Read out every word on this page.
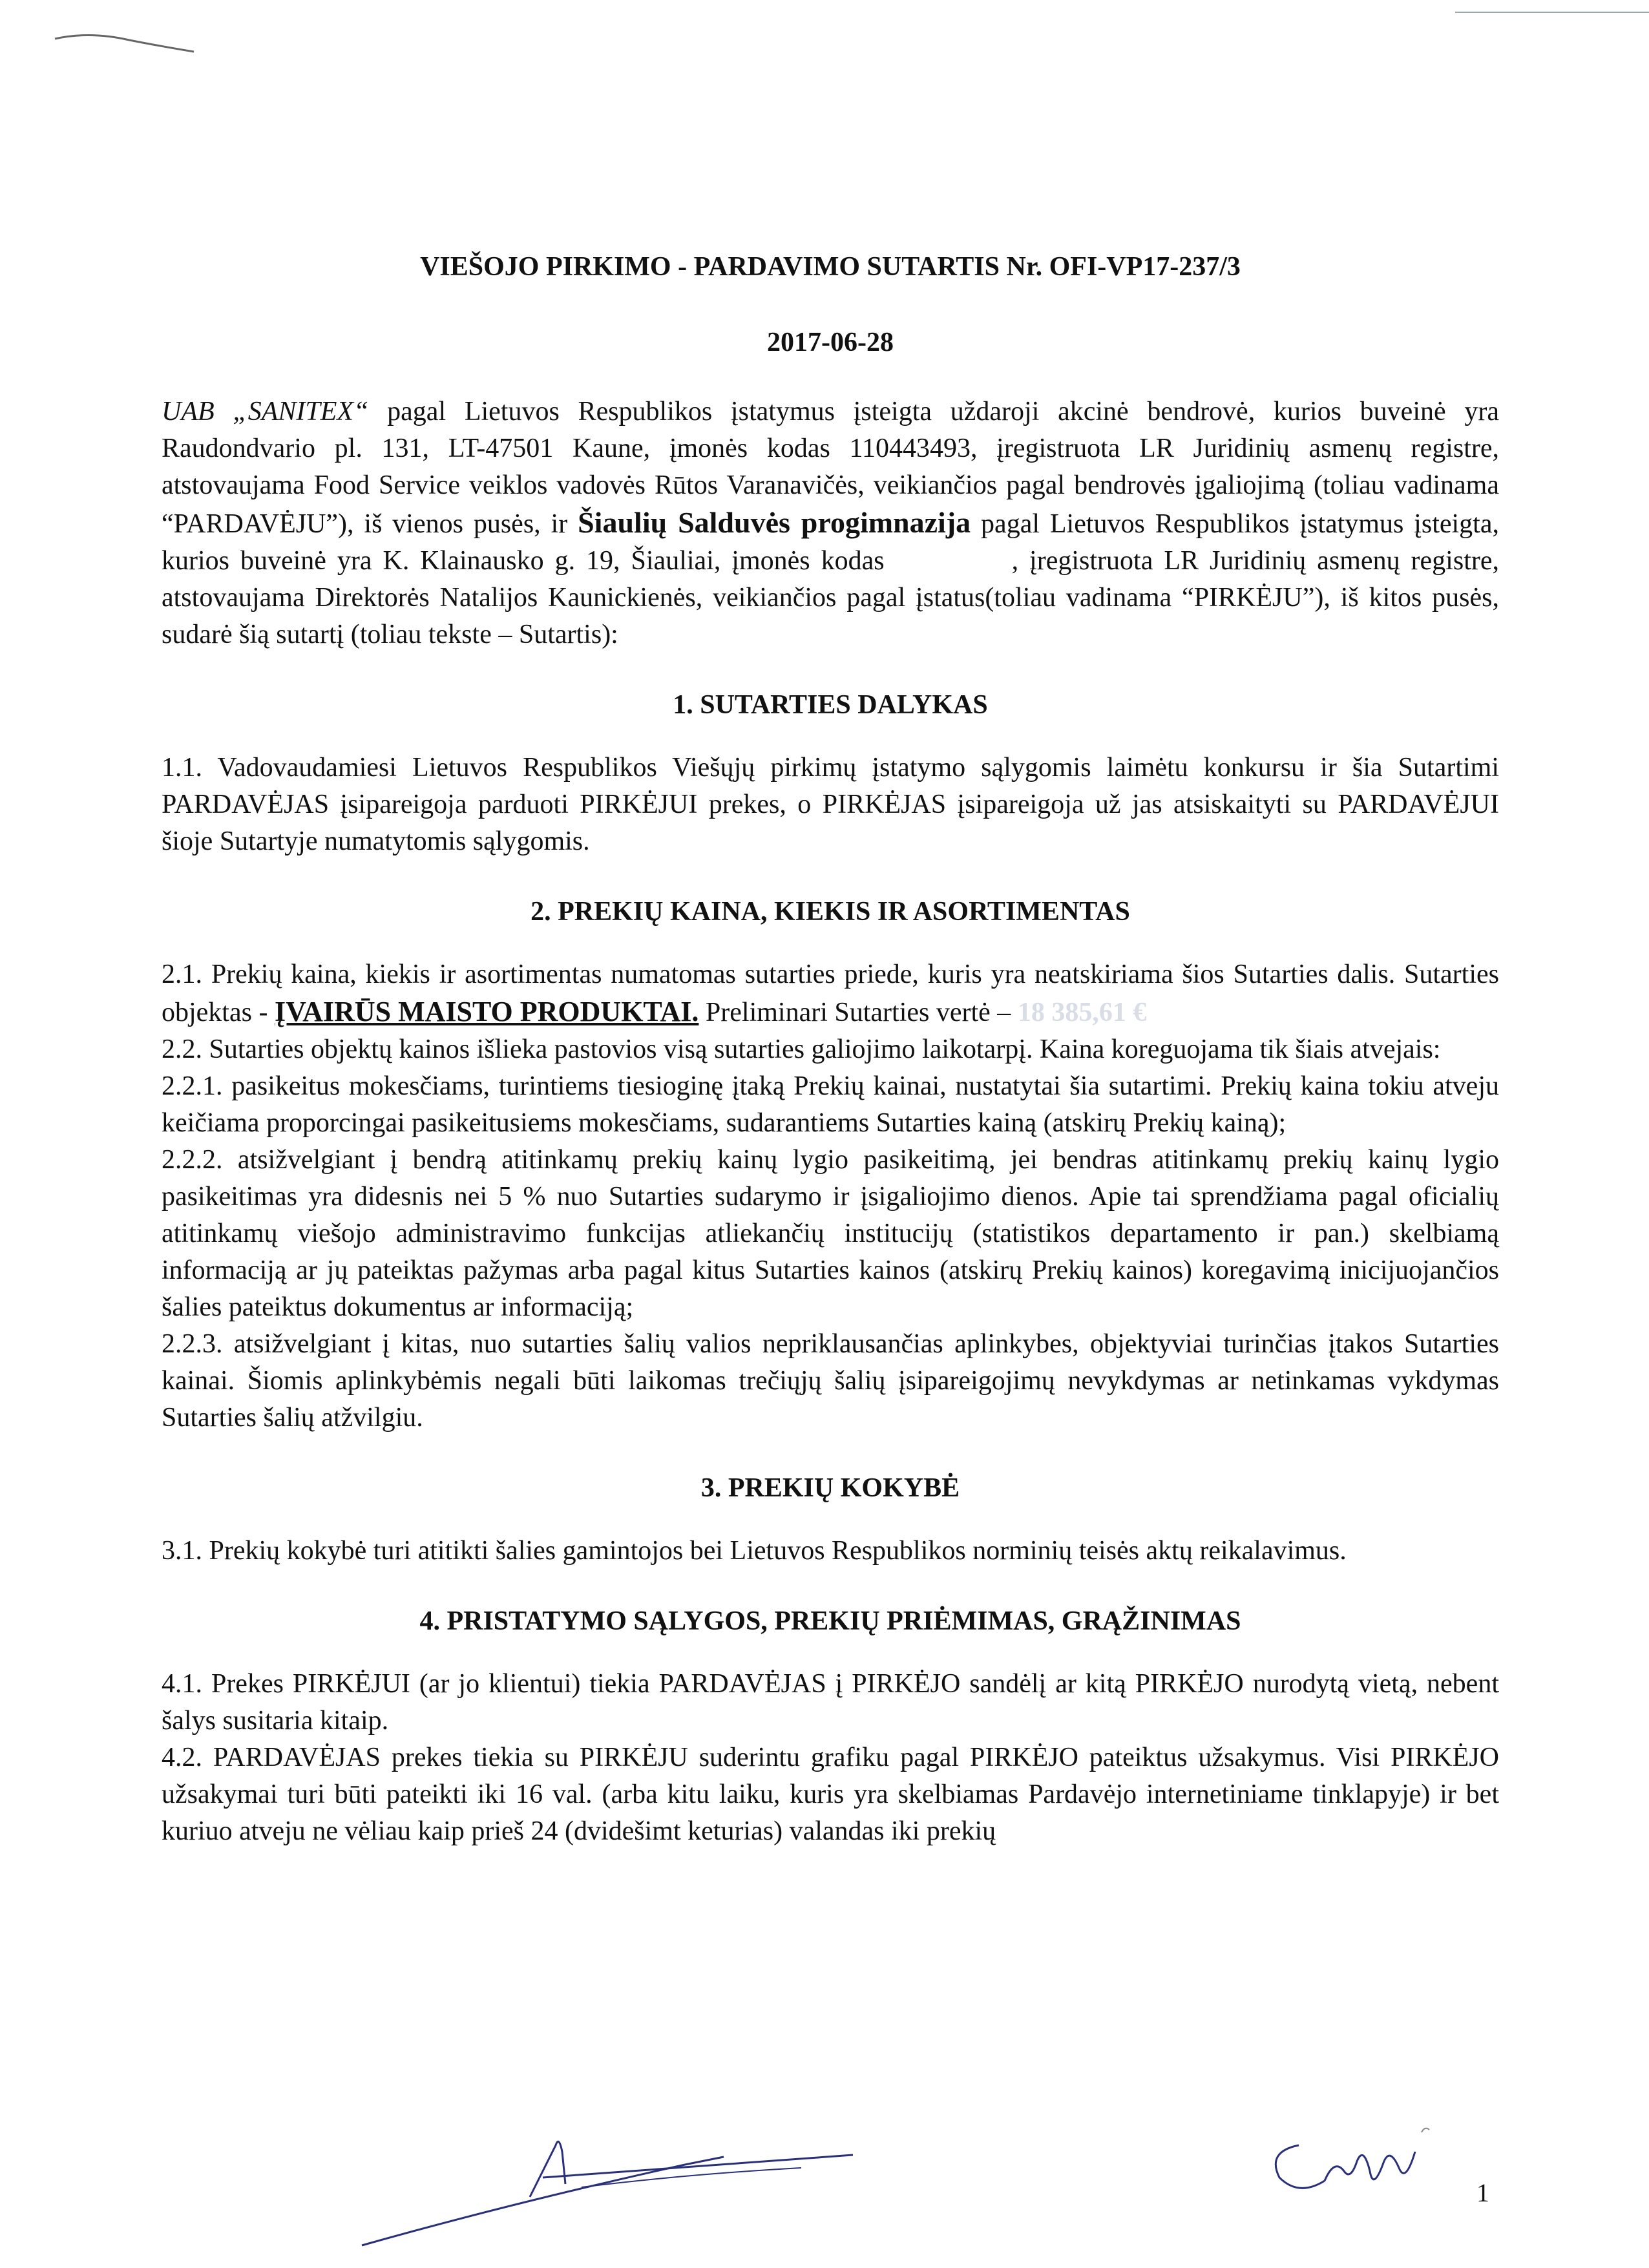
VIEŠOJO PIRKIMO - PARDAVIMO SUTARTIS Nr. OFI-VP17-237/3

2017-06-28

UAB „SANITEX“ pagal Lietuvos Respublikos įstatymus įsteigta uždaroji akcinė bendrovė, kurios buveinė yra Raudondvario pl. 131, LT-47501 Kaune, įmonės kodas 110443493, įregistruota LR Juridinių asmenų registre, atstovaujama Food Service veiklos vadovės Rūtos Varanavičės, veikiančios pagal bendrovės įgaliojimą (toliau vadinama “PARDAVĖJU”), iš vienos pusės, ir Šiaulių Salduvės progimnazija pagal Lietuvos Respublikos įstatymus įsteigta, kurios buveinė yra K. Klainausko g. 19, Šiauliai, įmonės kodas	, įregistruota LR Juridinių asmenų registre, atstovaujama Direktorės Natalijos Kaunickienės, veikiančios pagal įstatus(toliau vadinama “PIRKĖJU”), iš kitos pusės, sudarė šią sutartį (toliau tekste – Sutartis):

1. SUTARTIES DALYKAS

1.1. Vadovaudamiesi Lietuvos Respublikos Viešųjų pirkimų įstatymo sąlygomis laimėtu konkursu ir šia Sutartimi PARDAVĖJAS įsipareigoja parduoti PIRKĖJUI prekes, o PIRKĖJAS įsipareigoja už jas atsiskaityti su PARDAVĖJUI šioje Sutartyje numatytomis sąlygomis.

2. PREKIŲ KAINA, KIEKIS IR ASORTIMENTAS

2.1. Prekių kaina, kiekis ir asortimentas numatomas sutarties priede, kuris yra neatskiriama šios Sutarties dalis. Sutarties objektas - ĮVAIRŪS MAISTO PRODUKTAI. Preliminari Sutarties vertė – 18 385,61 €

2.2. Sutarties objektų kainos išlieka pastovios visą sutarties galiojimo laikotarpį. Kaina koreguojama tik šiais atvejais:

2.2.1. pasikeitus mokesčiams, turintiems tiesioginę įtaką Prekių kainai, nustatytai šia sutartimi. Prekių kaina tokiu atveju keičiama proporcingai pasikeitusiems mokesčiams, sudarantiems Sutarties kainą (atskirų Prekių kainą);

2.2.2. atsižvelgiant į bendrą atitinkamų prekių kainų lygio pasikeitimą, jei bendras atitinkamų prekių kainų lygio pasikeitimas yra didesnis nei 5 % nuo Sutarties sudarymo ir įsigaliojimo dienos. Apie tai sprendžiama pagal oficialių atitinkamų viešojo administravimo funkcijas atliekančių institucijų (statistikos departamento ir pan.) skelbiamą informaciją ar jų pateiktas pažymas arba pagal kitus Sutarties kainos (atskirų Prekių kainos) koregavimą inicijuojančios šalies pateiktus dokumentus ar informaciją;

2.2.3. atsižvelgiant į kitas, nuo sutarties šalių valios nepriklausančias aplinkybes, objektyviai turinčias įtakos Sutarties kainai. Šiomis aplinkybėmis negali būti laikomas trečiųjų šalių įsipareigojimų nevykdymas ar netinkamas vykdymas Sutarties šalių atžvilgiu.

3. PREKIŲ KOKYBĖ

3.1. Prekių kokybė turi atitikti šalies gamintojos bei Lietuvos Respublikos norminių teisės aktų reikalavimus.

4. PRISTATYMO SĄLYGOS, PREKIŲ PRIĖMIMAS, GRĄŽINIMAS

4.1. Prekes PIRKĖJUI (ar jo klientui) tiekia PARDAVĖJAS į PIRKĖJO sandėlį ar kitą PIRKĖJO nurodytą vietą, nebent šalys susitaria kitaip.

4.2. PARDAVĖJAS prekes tiekia su PIRKĖJU suderintu grafiku pagal PIRKĖJO pateiktus užsakymus. Visi PIRKĖJO užsakymai turi būti pateikti iki 16 val. (arba kitu laiku, kuris yra skelbiamas Pardavėjo internetiniame tinklapyje) ir bet kuriuo atveju ne vėliau kaip prieš 24 (dvidešimt keturias) valandas iki prekių

1
